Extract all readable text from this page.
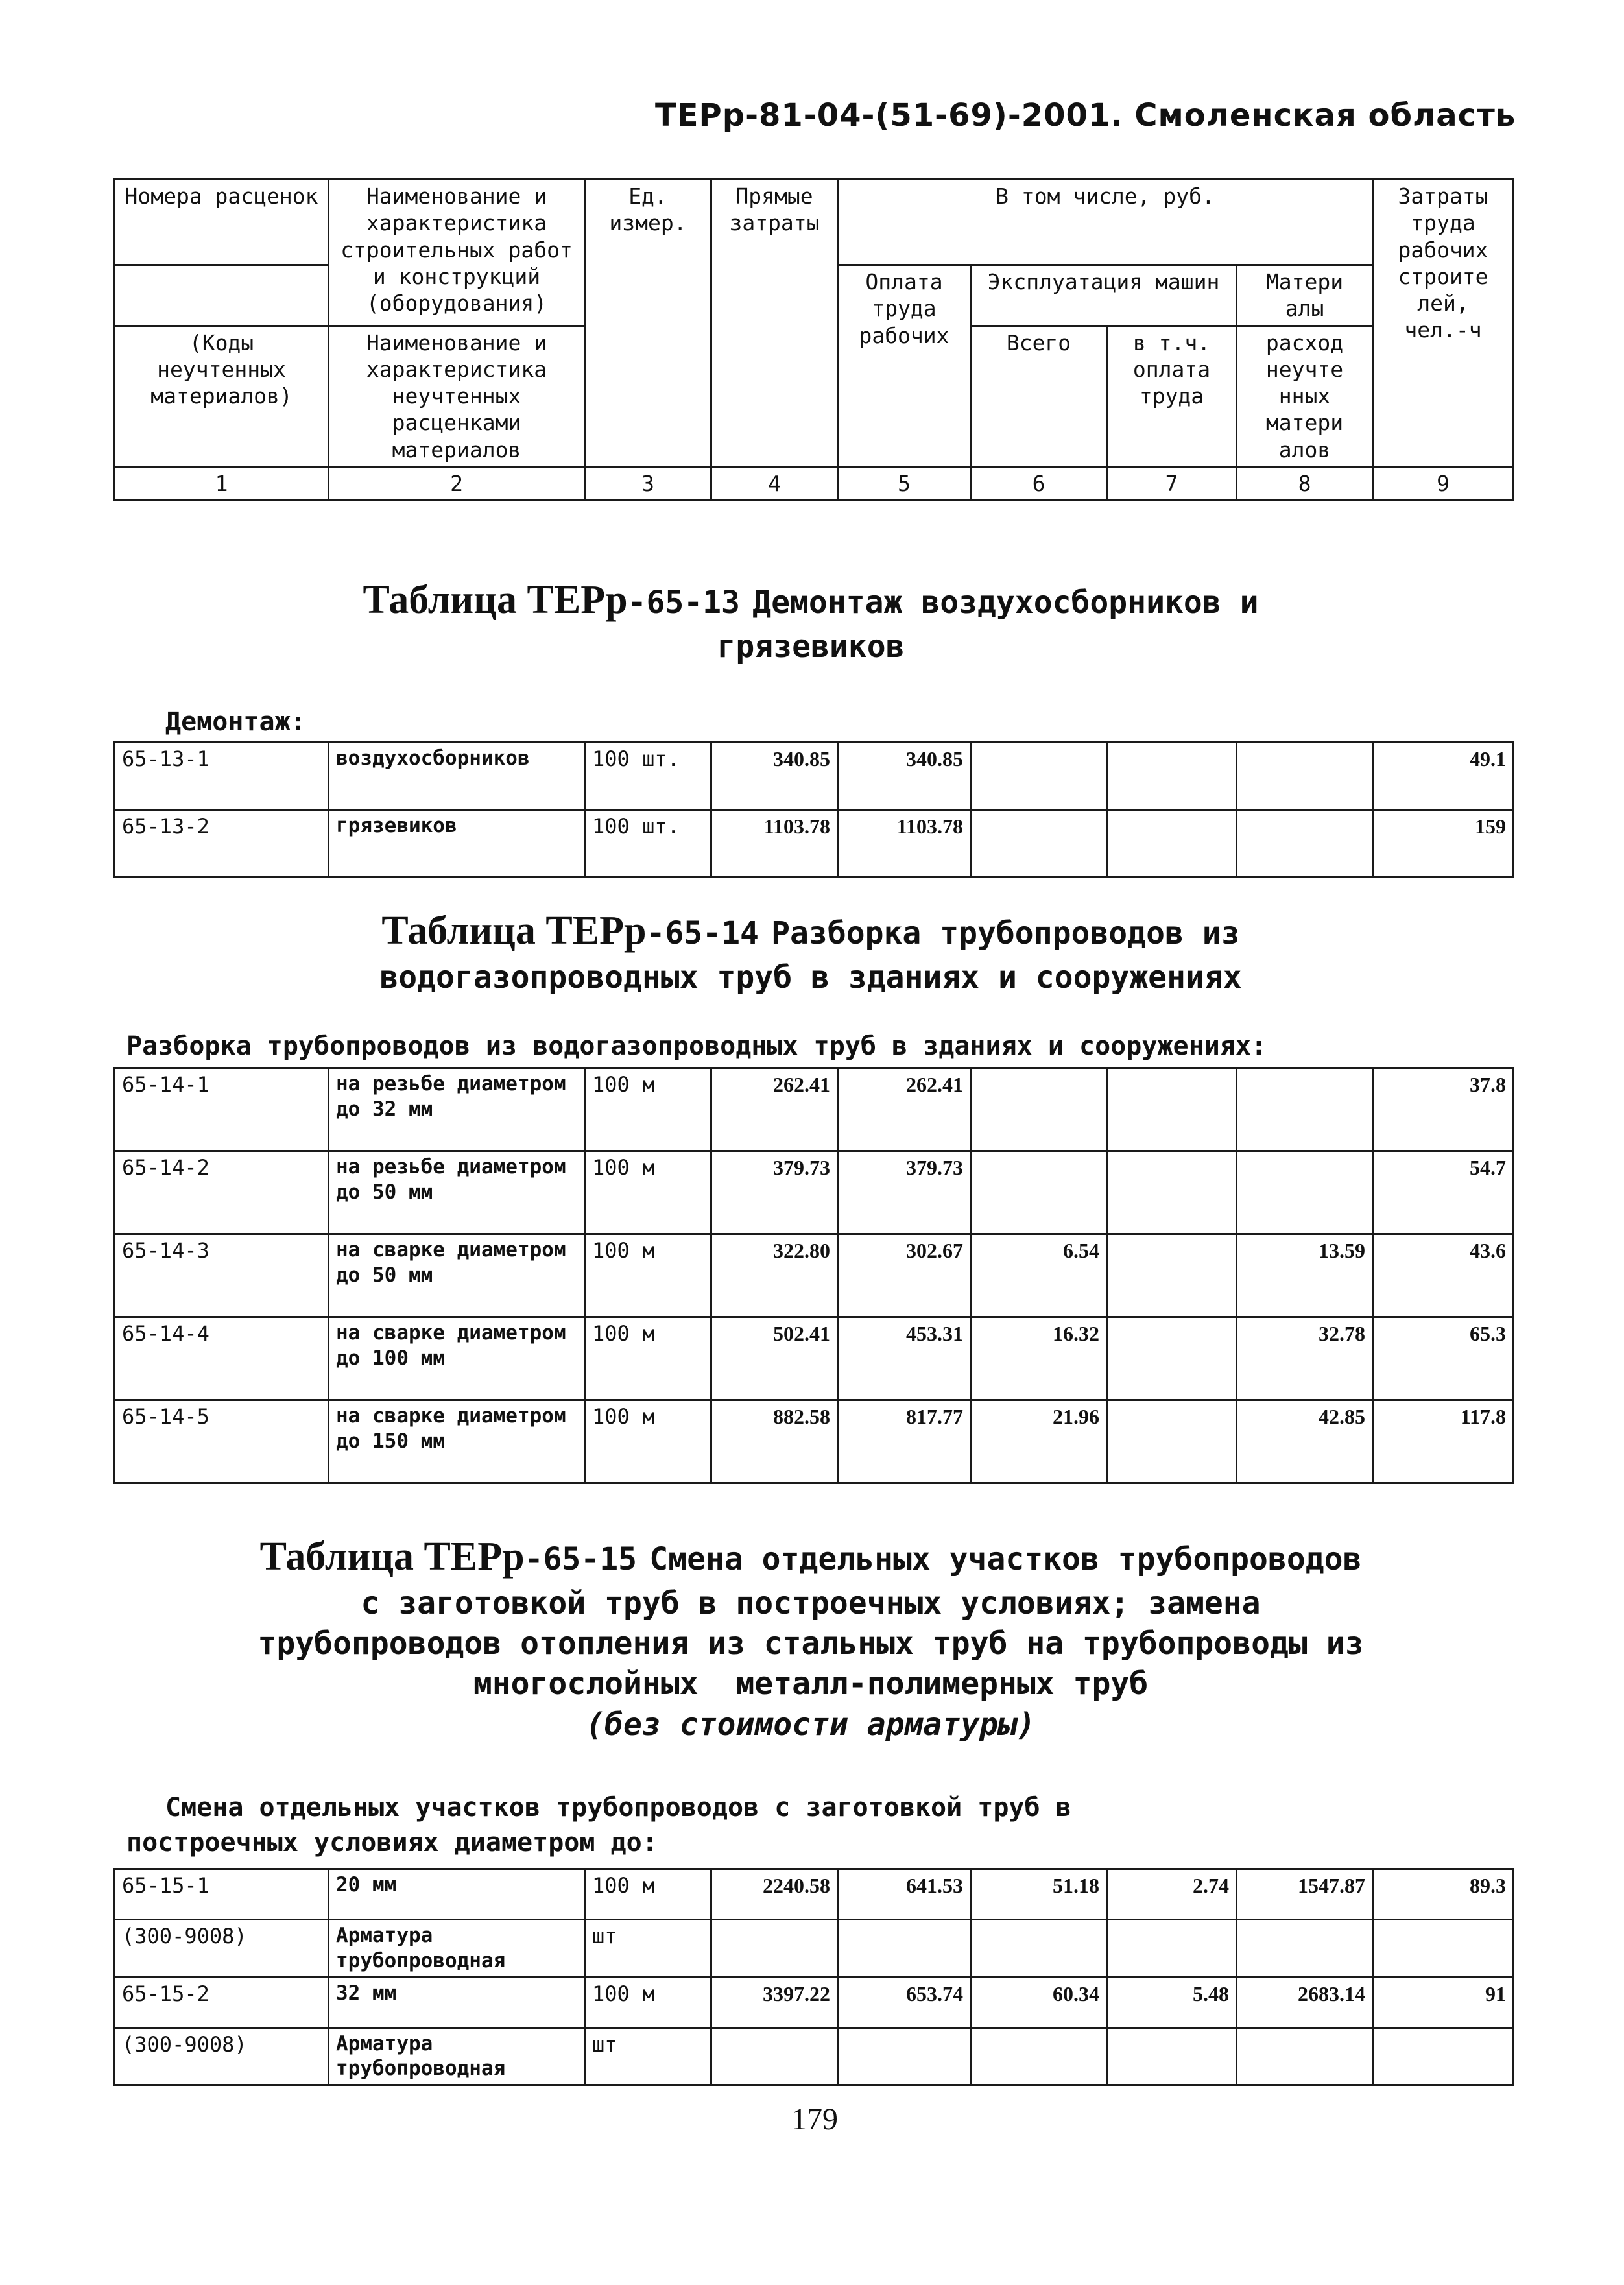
ТЕРр-81-04-(51-69)-2001. Смоленская область
Номера расценок	Наименование и характеристика строительных работ и конструкций (оборудования)	Ед. измер.	Прямые затраты	В том числе, руб.				Затраты труда рабочих строите лей, чел.-ч
				Оплата труда рабочих	Эксплуатация машин		Матери алы	
(Коды неучтенных материалов)	Наименование и характеристика неучтенных расценками материалов				Всего	в т.ч. оплата труда	расход неучте нных матери алов	
1	2	3	4	5	6	7	8	9
Таблица ТЕРр-65-13 Демонтаж воздухосборников и
грязевиков
Демонтаж:
65-13-1	воздухосборников	100 шт.	340.85	340.85				49.1
65-13-2	грязевиков	100 шт.	1103.78	1103.78				159
Таблица ТЕРр-65-14 Разборка трубопроводов из
водогазопроводных труб в зданиях и сооружениях
Разборка трубопроводов из водогазопроводных труб в зданиях и сооружениях:
65-14-1	на резьбе диаметром до 32 мм	100 м	262.41	262.41				37.8
65-14-2	на резьбе диаметром до 50 мм	100 м	379.73	379.73				54.7
65-14-3	на сварке диаметром до 50 мм	100 м	322.80	302.67	6.54		13.59	43.6
65-14-4	на сварке диаметром до 100 мм	100 м	502.41	453.31	16.32		32.78	65.3
65-14-5	на сварке диаметром до 150 мм	100 м	882.58	817.77	21.96		42.85	117.8
Таблица ТЕРр-65-15 Смена отдельных участков трубопроводов
с заготовкой труб в построечных условиях; замена
трубопроводов отопления из стальных труб на трубопроводы из
многослойных  металл-полимерных труб
(без стоимости арматуры)
Смена отдельных участков трубопроводов с заготовкой труб в
построечных условиях диаметром до:
65-15-1	20 мм	100 м	2240.58	641.53	51.18	2.74	1547.87	89.3
(300-9008)	Арматура трубопроводная	шт						
65-15-2	32 мм	100 м	3397.22	653.74	60.34	5.48	2683.14	91
(300-9008)	Арматура трубопроводная	шт						
179
